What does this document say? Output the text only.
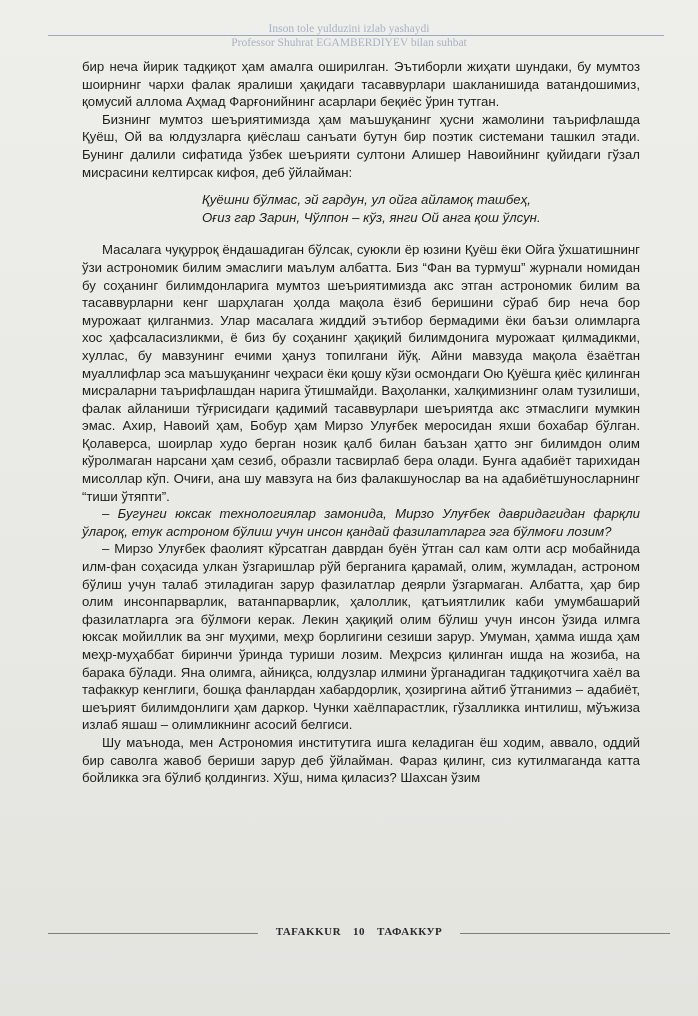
Inson tole yulduzini izlab yashaydi
Professor Shuhrat EGAMBERDIYEV bilan suhbat

бир неча йирик тадқиқот ҳам амалга оширилган. Эътиборли жиҳати шундаки, бу мумтоз шоирнинг чархи фалак яралиши ҳақидаги тасаввурлари шакланишида ватандошимиз, қомусий аллома Аҳмад Фарғонийнинг асарлари беқиёс ўрин тутган.

Бизнинг мумтоз шеъриятимизда ҳам маъшуқанинг ҳусни жамолини таърифлашда Қуёш, Ой ва юлдузларга қиёслаш санъати бутун бир поэтик системани ташкил этади. Бунинг далили сифатида ўзбек шеърияти султони Алишер Навоийнинг қуйидаги гўзал мисрасини келтирсак кифоя, деб ўйлайман:

Қуёшни бўлмас, эй гардун, ул ойга айламоқ ташбеҳ,
Оғиз гар Зарин, Чўлпон – кўз, янги Ой анга қош ўлсун.

Масалага чуқурроқ ёндашадиган бўлсак, суюкли ёр юзини Қуёш ёки Ойга ўхшатишнинг ўзи астрономик билим эмаслиги маълум албатта. Биз “Фан ва турмуш” журнали номидан бу соҳанинг билимдонларига мумтоз шеъриятимизда акс этган астрономик билим ва тасаввурларни кенг шарҳлаган ҳолда мақола ёзиб беришини сўраб бир неча бор мурожаат қилганмиз. Улар масалага жиддий эътибор бермадими ёки баъзи олимларга хос ҳафсаласизликми, ё биз бу соҳанинг ҳақиқий билимдонига мурожаат қилмадикми, хуллас, бу мавзунинг ечими ҳануз топилгани йўқ. Айни мавзуда мақола ёзаётган муаллифлар эса маъшуқанинг чеҳраси ёки қошу кўзи осмондаги Ою Қуёшга қиёс қилинган мисраларни таърифлашдан нарига ўтишмайди. Ваҳоланки, халқимизнинг олам тузилиши, фалак айланиши тўғрисидаги қадимий тасаввурлари шеъриятда акс этмаслиги мумкин эмас. Ахир, Навоий ҳам, Бобур ҳам Мирзо Улуғбек меросидан яхши бохабар бўлган. Қолаверса, шоирлар худо берган нозик қалб билан баъзан ҳатто энг билимдон олим кўролмаган нарсани ҳам сезиб, образли тасвирлаб бера олади. Бунга адабиёт тарихидан мисоллар кўп. Очиғи, ана шу мавзуга на биз фалакшунослар ва на адабиётшуносларнинг “тиши ўтяпти”.

– Бугунги юксак технологиялар замонида, Мирзо Улуғбек давридагидан фарқли ўлароқ, етук астроном бўлиш учун инсон қандай фазилатларга эга бўлмоғи лозим?

– Мирзо Улуғбек фаолият кўрсатган даврдан буён ўтган сал кам олти аср мобайнида илм-фан соҳасида улкан ўзгаришлар рўй берганига қарамай, олим, жумладан, астроном бўлиш учун талаб этиладиган зарур фазилатлар деярли ўзгармаган. Албатта, ҳар бир олим инсонпарварлик, ватанпарварлик, ҳалоллик, қатъиятлилик каби умумбашарий фазилатларга эга бўлмоғи керак. Лекин ҳақиқий олим бўлиш учун инсон ўзида илмга юксак мойиллик ва энг муҳими, меҳр борлигини сезиши зарур. Умуман, ҳамма ишда ҳам меҳр-муҳаббат биринчи ўринда туриши лозим. Меҳрсиз қилинган ишда на жозиба, на барака бўлади. Яна олимга, айниқса, юлдузлар илмини ўрганадиган тадқиқотчига хаёл ва тафаккур кенглиги, бошқа фанлардан хабардорлик, ҳозиргина айтиб ўтганимиз – адабиёт, шеърият билимдонлиги ҳам даркор. Чунки хаёлпарастлик, гўзалликка интилиш, мўъжиза излаб яшаш – олимликнинг асосий белгиси.

Шу маънода, мен Астрономия институтига ишга келадиган ёш ходим, аввало, оддий бир саволга жавоб бериши зарур деб ўйлайман. Фараз қилинг, сиз кутилмаганда катта бойликка эга бўлиб қолдингиз. Хўш, нима қиласиз? Шахсан ўзим

TAFAKKUR 10 ТАФАККУР
